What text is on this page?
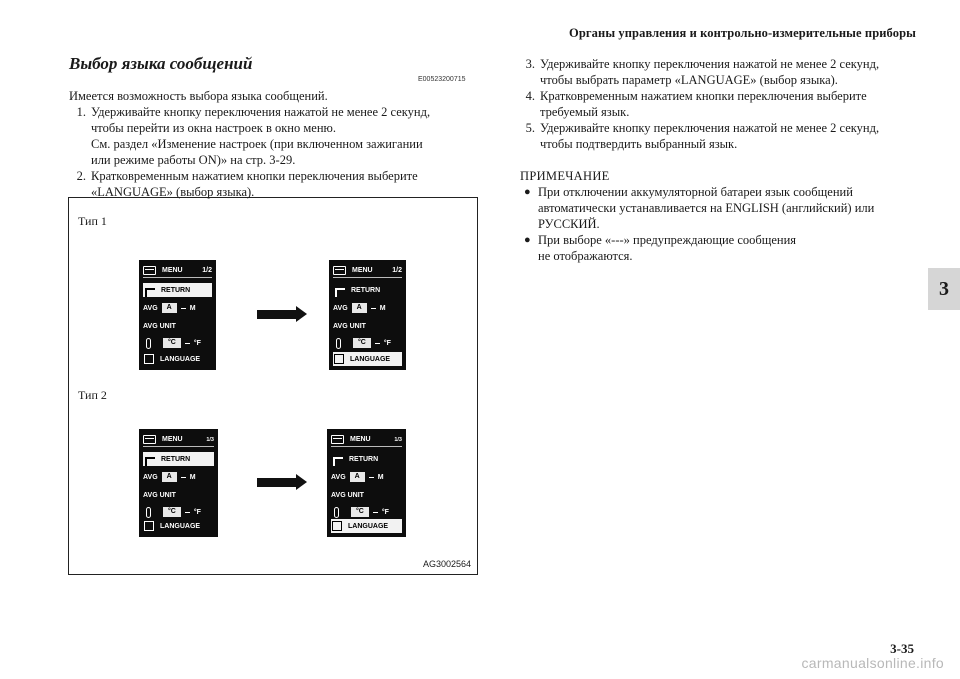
Органы управления и контрольно-измерительные приборы
Выбор языка сообщений
E00523200715
Имеется возможность выбора языка сообщений.
1. Удерживайте кнопку переключения нажатой не менее 2 секунд,
чтобы перейти из окна настроек в окно меню.
См. раздел «Изменение настроек (при включенном зажигании
или режиме работы ON)» на стр. 3-29.
2. Кратковременным нажатием кнопки переключения выберите
«LANGUAGE» (выбор языка).
Тип 1
Тип 2
MENU	1/2
RETURN
AVG	A	M
AVG UNIT
°C	°F
LANGUAGE
MENU	1/2
RETURN
AVG	A	M
AVG UNIT
°C	°F
LANGUAGE
MENU	1/3
RETURN
AVG	A	M
AVG UNIT
°C	°F
LANGUAGE
MENU	1/3
RETURN
AVG	A	M
AVG UNIT
°C	°F
LANGUAGE
AG3002564
3. Удерживайте кнопку переключения нажатой не менее 2 секунд,
чтобы выбрать параметр «LANGUAGE» (выбор языка).
4. Кратковременным нажатием кнопки переключения выберите
требуемый язык.
5. Удерживайте кнопку переключения нажатой не менее 2 секунд,
чтобы подтвердить выбранный язык.
ПРИМЕЧАНИЕ
● При отключении аккумуляторной батареи язык сообщений
автоматически устанавливается на ENGLISH (английский) или
РУССКИЙ.
● При выборе «---» предупреждающие сообщения
не отображаются.
3
3-35
carmanualsonline.info
